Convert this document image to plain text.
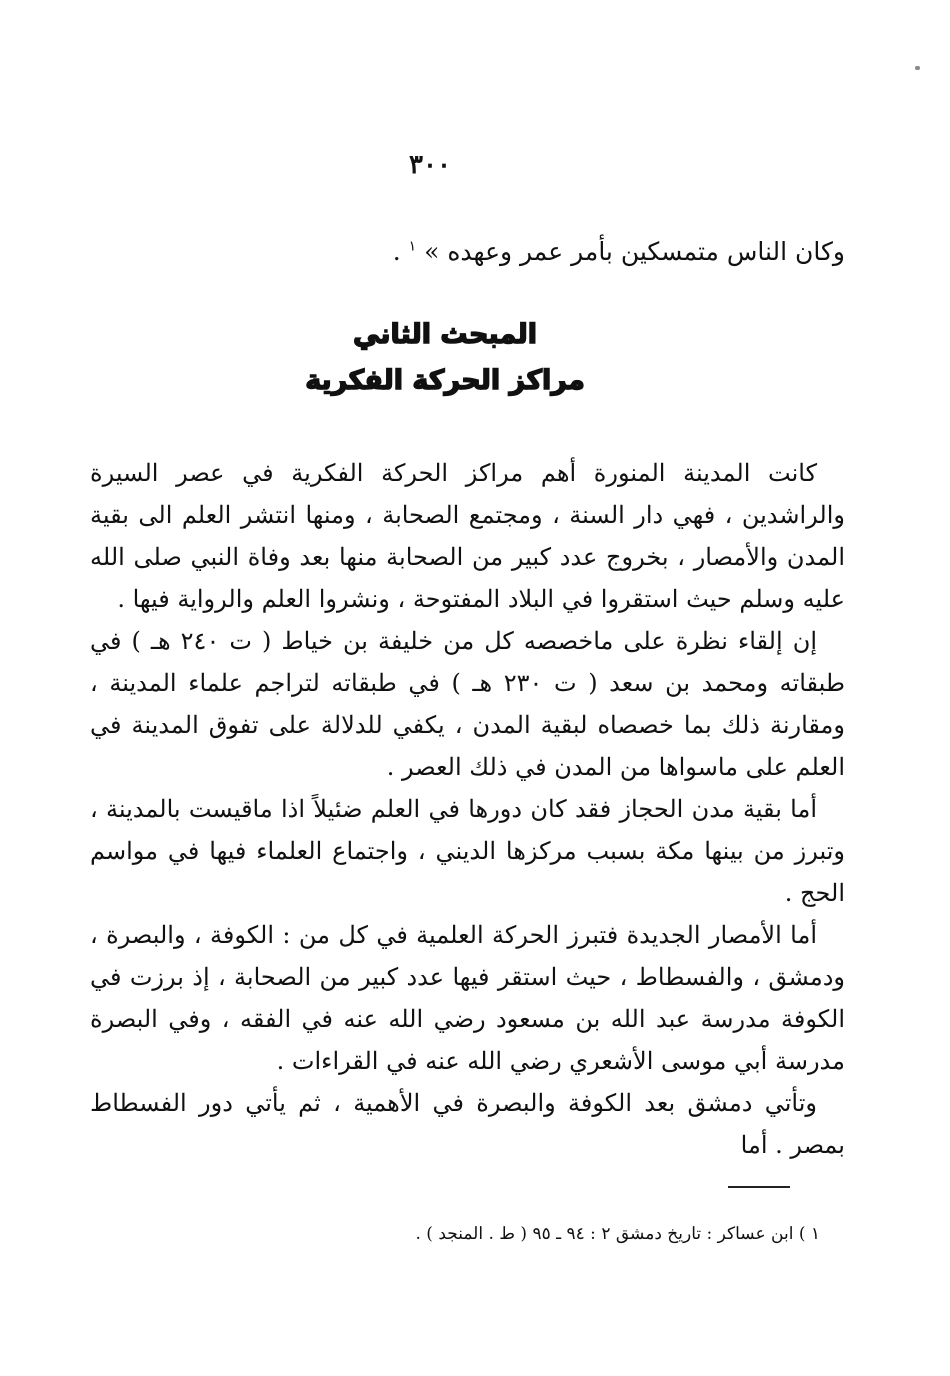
٣٠٠
وكان الناس متمسكين بأمر عمر وعهده » $^١$ .
المبحث الثاني
مراكز الحركة الفكرية

كانت المدينة المنورة أهم مراكز الحركة الفكرية في عصر السيرة والراشدين ، فهي دار السنة ، ومجتمع الصحابة ، ومنها انتشر العلم الى بقية المدن والأمصار ، بخروج عدد كبير من الصحابة منها بعد وفاة النبي صلى الله عليه وسلم حيث استقروا في البلاد المفتوحة ، ونشروا العلم والرواية فيها .

إن إلقاء نظرة على ماخصصه كل من خليفة بن خياط ( ت ٢٤٠ هـ ) في طبقاته ومحمد بن سعد ( ت ٢٣٠ هـ ) في طبقاته لتراجم علماء المدينة ، ومقارنة ذلك بما خصصاه لبقية المدن ، يكفي للدلالة على تفوق المدينة في العلم على ماسواها من المدن في ذلك العصر .

أما بقية مدن الحجاز فقد كان دورها في العلم ضئيلاً اذا ماقيست بالمدينة ، وتبرز من بينها مكة بسبب مركزها الديني ، واجتماع العلماء فيها في مواسم الحج .

أما الأمصار الجديدة فتبرز الحركة العلمية في كل من : الكوفة ، والبصرة ، ودمشق ، والفسطاط ، حيث استقر فيها عدد كبير من الصحابة ، إذ برزت في الكوفة مدرسة عبد الله بن مسعود رضي الله عنه في الفقه ، وفي البصرة مدرسة أبي موسى الأشعري رضي الله عنه في القراءات .

وتأتي دمشق بعد الكوفة والبصرة في الأهمية ، ثم يأتي دور الفسطاط بمصر . أما

١ ) ابن عساكر : تاريخ دمشق ٢ : ٩٤ ـ ٩٥ ( ط . المنجد ) .
